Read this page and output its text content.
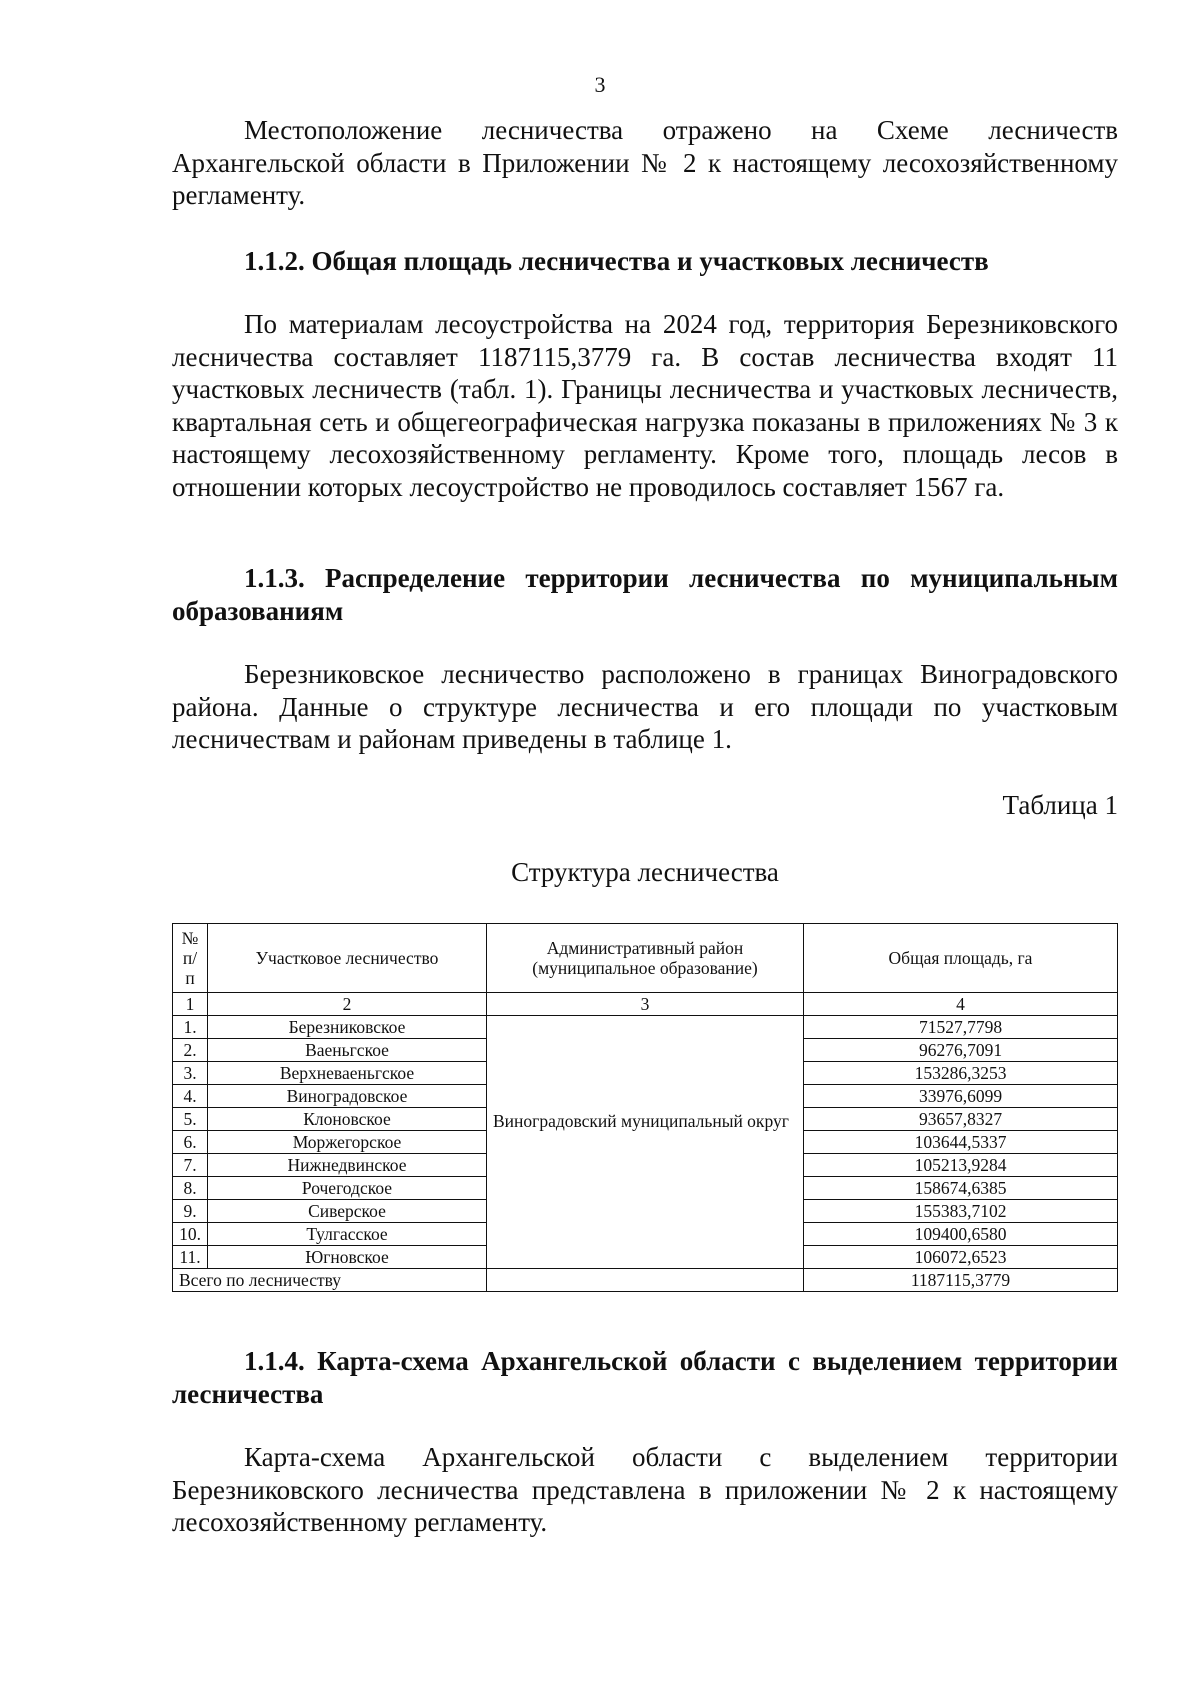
3

Местоположение лесничества отражено на Схеме лесничеств Архангельской области в Приложении № 2 к настоящему лесохозяйственному регламенту.

1.1.2. Общая площадь лесничества и участковых лесничеств

По материалам лесоустройства на 2024 год, территория Березниковского лесничества составляет 1187115,3779 га. В состав лесничества входят 11 участковых лесничеств (табл. 1). Границы лесничества и участковых лесничеств, квартальная сеть и общегеографическая нагрузка показаны в приложениях № 3 к настоящему лесохозяйственному регламенту. Кроме того, площадь лесов в отношении которых лесоустройство не проводилось составляет 1567 га.

1.1.3. Распределение территории лесничества по муниципальным образованиям

Березниковское лесничество расположено в границах Виноградовского района. Данные о структуре лесничества и его площади по участковым лесничествам и районам приведены в таблице 1.

Таблица 1
Структура лесничества
№ п/ п	Участковое лесничество	Административный район (муниципальное образование)	Общая площадь, га
1	2	3	4
1.	Березниковское	Виноградовский муниципальный округ	71527,7798
2.	Ваеньгское		96276,7091
3.	Верхневаеньгское		153286,3253
4.	Виноградовское		33976,6099
5.	Клоновское		93657,8327
6.	Моржегорское		103644,5337
7.	Нижнедвинское		105213,9284
8.	Рочегодское		158674,6385
9.	Сиверское		155383,7102
10.	Тулгасское		109400,6580
11.	Югновское		106072,6523
Всего по лесничеству			1187115,3779

1.1.4. Карта-схема Архангельской области с выделением территории лесничества

Карта-схема Архангельской области с выделением территории Березниковского лесничества представлена в приложении № 2 к настоящему лесохозяйственному регламенту.
